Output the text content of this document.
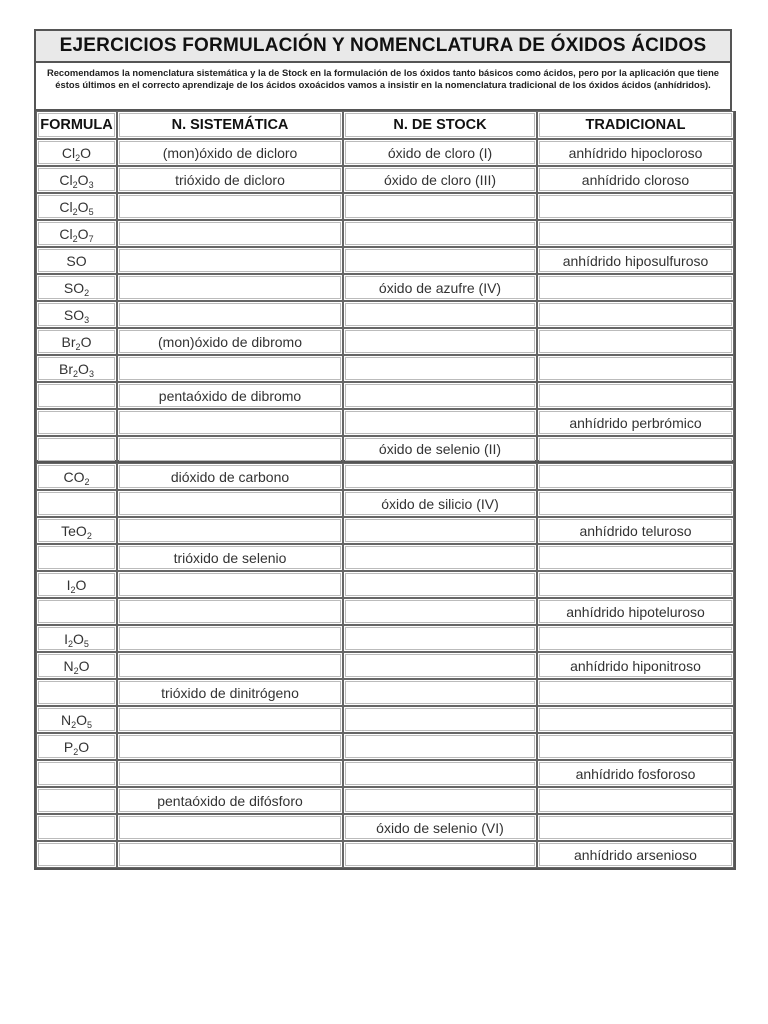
EJERCICIOS FORMULACIÓN Y NOMENCLATURA DE ÓXIDOS ÁCIDOS
Recomendamos la nomenclatura sistemática y la de Stock en la formulación de los óxidos tanto básicos como ácidos, pero por la aplicación que tiene éstos últimos en el correcto aprendizaje de los ácidos oxoácidos vamos a insistir en la nomenclatura tradicional de los óxidos ácidos (anhídridos).
FORMULA	N. SISTEMÁTICA	N. DE STOCK	TRADICIONAL
$Cl_2O$	(mon)óxido de dicloro	óxido de cloro (I)	anhídrido hipocloroso
$Cl_2O_3$	trióxido de dicloro	óxido de cloro (III)	anhídrido cloroso
$Cl_2O_5$			
$Cl_2O_7$			
SO			anhídrido hiposulfuroso
$SO_2$		óxido de azufre (IV)	
$SO_3$			
$Br_2O$	(mon)óxido de dibromo		
$Br_2O_3$			
	pentaóxido de dibromo		
			anhídrido perbrómico
		óxido de selenio (II)	
$CO_2$	dióxido de carbono		
		óxido de silicio (IV)	
TeO$_2$			anhídrido teluroso
	trióxido de selenio		
$I_2O$			
			anhídrido hipoteluroso
$I_2O_5$			
$N_2O$			anhídrido hiponitroso
	trióxido de dinitrógeno		
$N_2O_5$			
$P_2O$			
			anhídrido fosforoso
	pentaóxido de difósforo		
		óxido de selenio (VI)	
			anhídrido arsenioso
